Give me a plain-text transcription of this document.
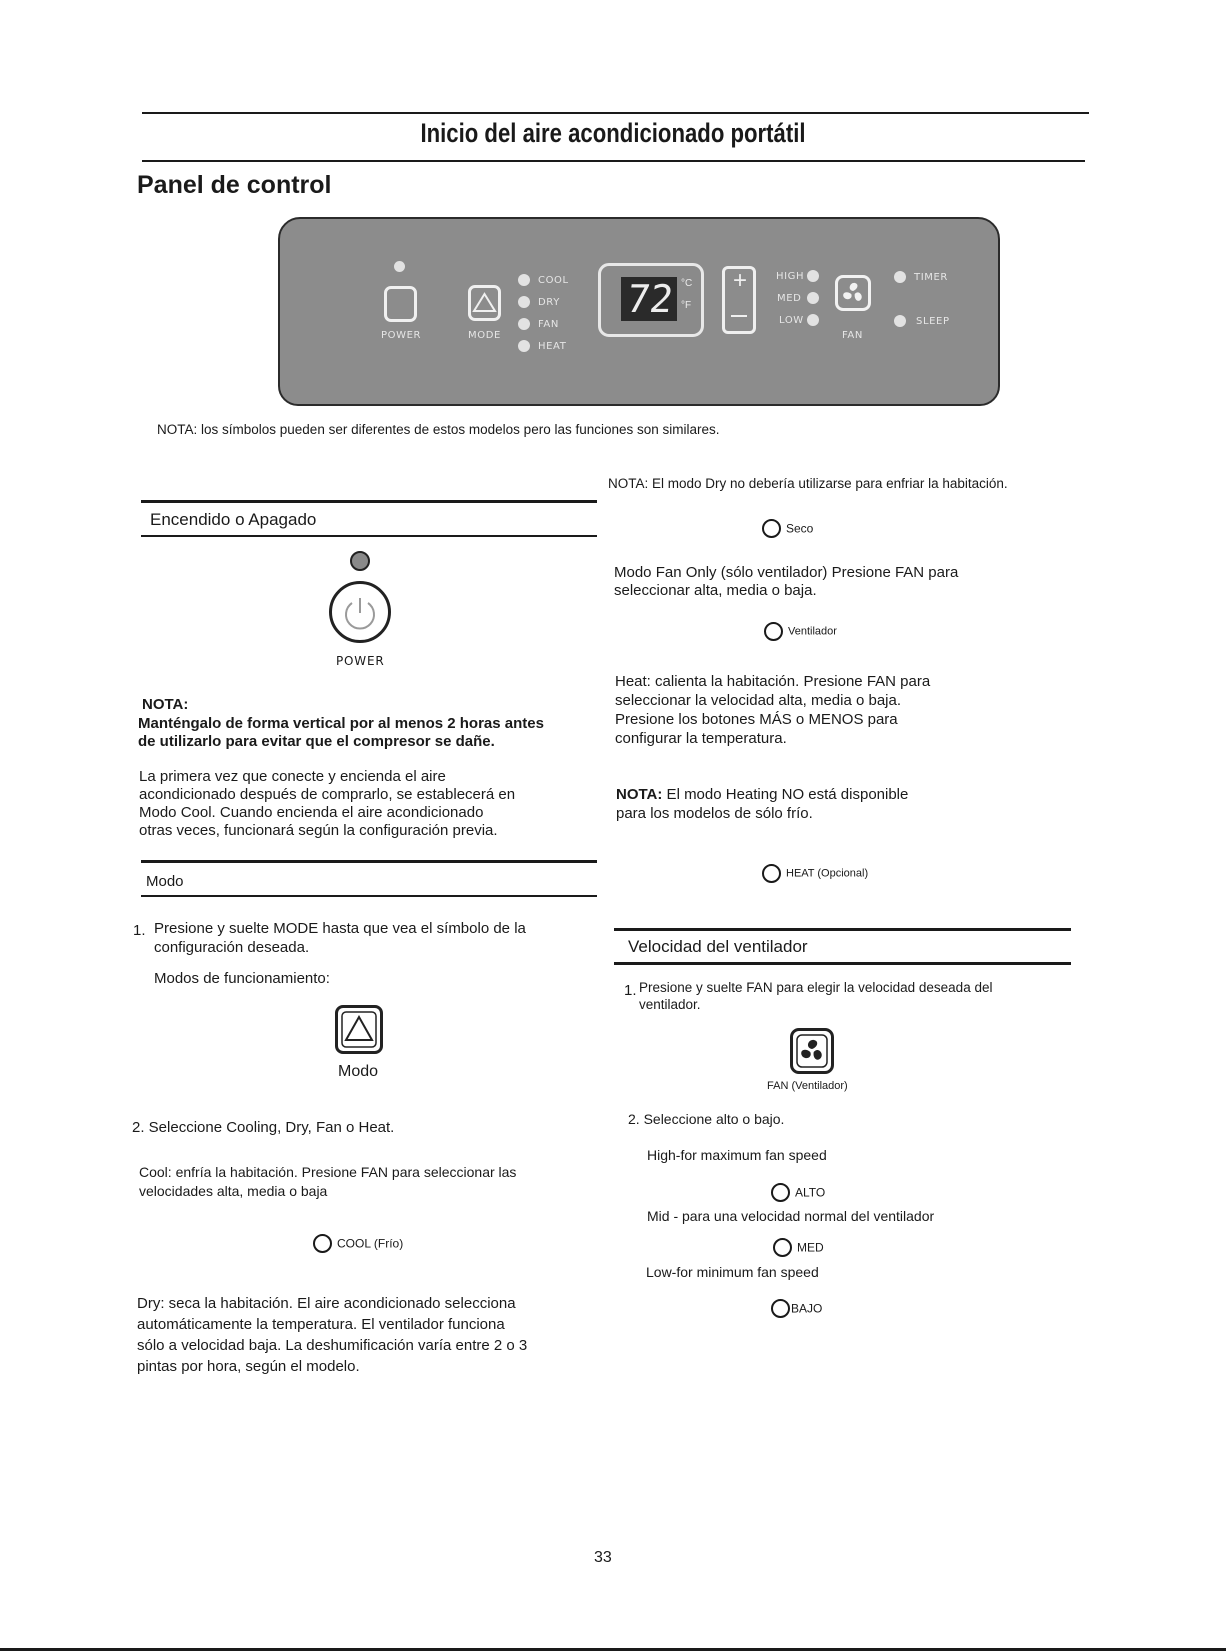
Inicio del aire acondicionado portátil
Panel de control
POWER	MODE
COOL
DRY
FAN
HEAT
72 °C
°F
+	HIGH
MED
LOW
FAN
TIMER
SLEEP
NOTA: los símbolos pueden ser diferentes de estos modelos pero las funciones son similares.
Encendido o Apagado
POWER
NOTA:
Manténgalo de forma vertical por al menos 2 horas antes
de utilizarlo para evitar que el compresor se dañe.
La primera vez que conecte y encienda el aire
acondicionado después de comprarlo, se establecerá en
Modo Cool. Cuando encienda el aire acondicionado
otras veces, funcionará según la configuración previa.
Modo
1. Presione y suelte MODE hasta que vea el símbolo de la
configuración deseada.
Modos de funcionamiento:
Modo
2. Seleccione Cooling, Dry, Fan o Heat.
Cool: enfría la habitación. Presione FAN para seleccionar las
velocidades alta, media o baja
COOL (Frío)
Dry: seca la habitación. El aire acondicionado selecciona
automáticamente la temperatura. El ventilador funciona
sólo a velocidad baja. La deshumificación varía entre 2 o 3
pintas por hora, según el modelo.
NOTA: El modo Dry no debería utilizarse para enfriar la habitación.
Seco
Modo Fan Only (sólo ventilador) Presione FAN para
seleccionar alta, media o baja.
Ventilador
Heat: calienta la habitación. Presione FAN para
seleccionar la velocidad alta, media o baja.
Presione los botones MÁS o MENOS para
configurar la temperatura.
NOTA: El modo Heating NO está disponible
para los modelos de sólo frío.
HEAT (Opcional)
Velocidad del ventilador
1. Presione y suelte FAN para elegir la velocidad deseada del
ventilador.
FAN (Ventilador)
2. Seleccione alto o bajo.
High-for maximum fan speed
ALTO
Mid - para una velocidad normal del ventilador
MED
Low-for minimum fan speed
BAJO
33
